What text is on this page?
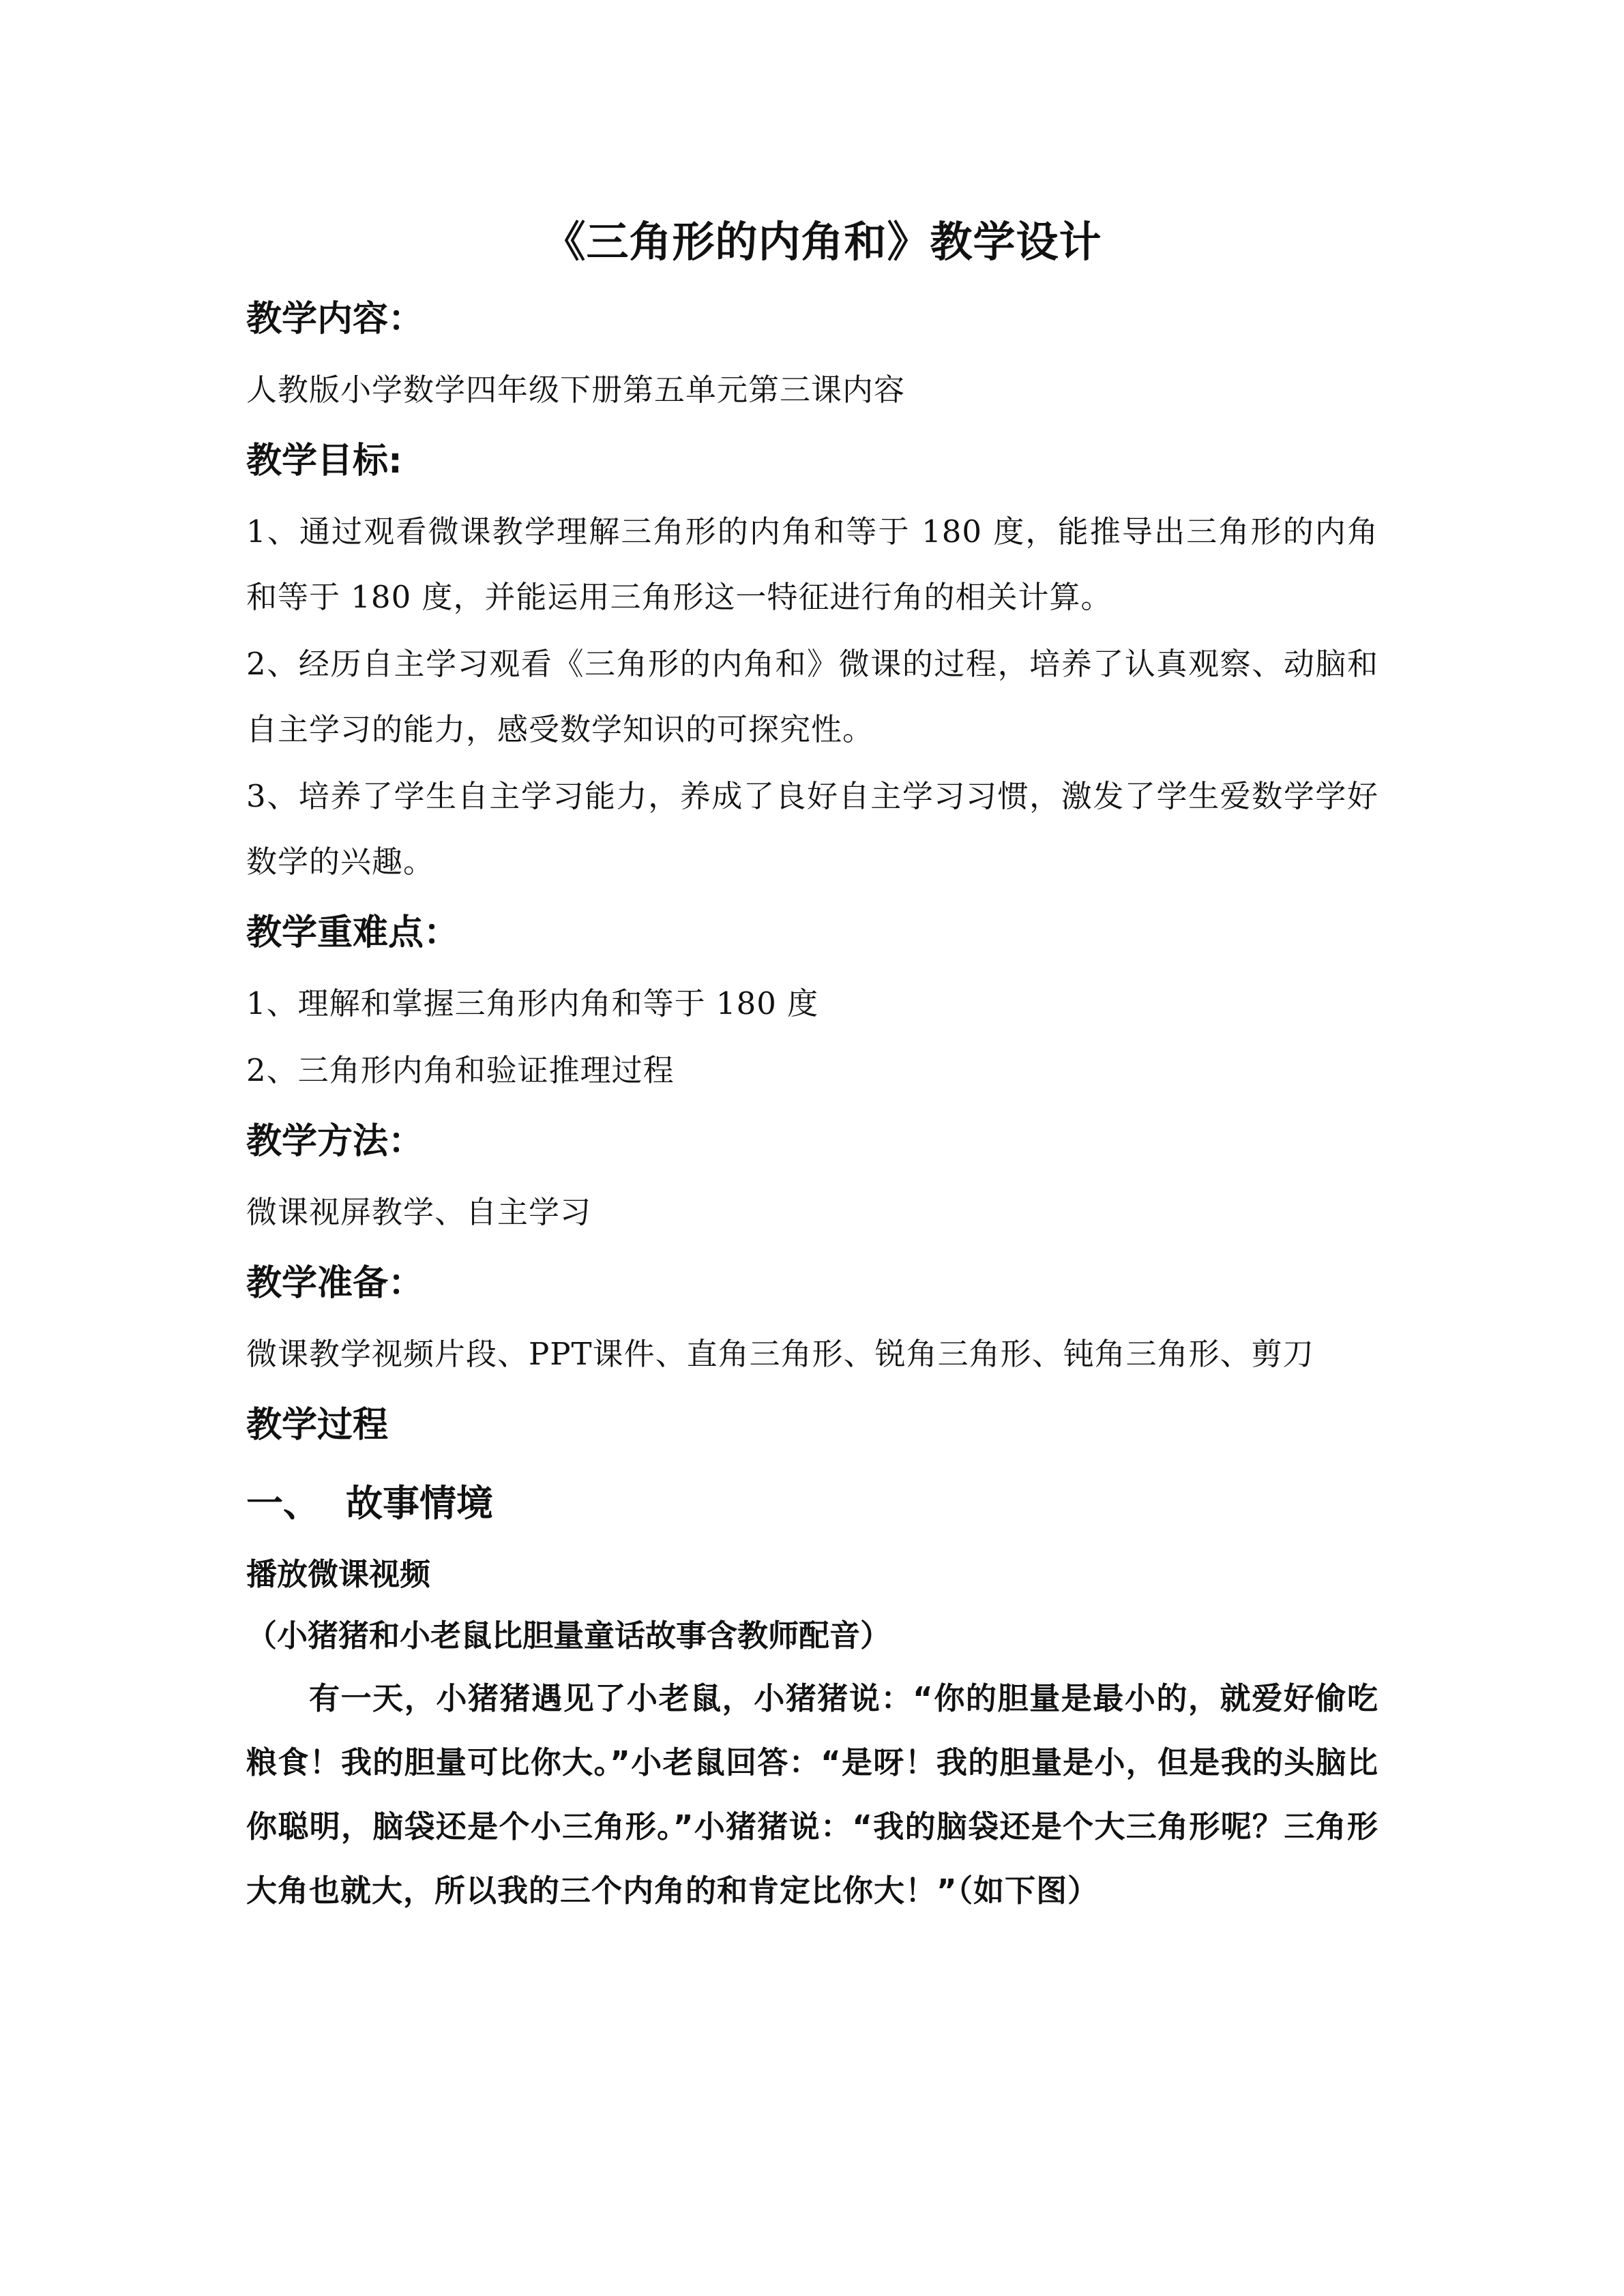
《三角形的内角和》教学设计
教学内容：
人教版小学数学四年级下册第五单元第三课内容
教学目标:
1、通过观看微课教学理解三角形的内角和等于 180 度，能推导出三角形的内角和等于 180 度，并能运用三角形这一特征进行角的相关计算。
2、经历自主学习观看《三角形的内角和》微课的过程，培养了认真观察、动脑和自主学习的能力，感受数学知识的可探究性。
3、培养了学生自主学习能力，养成了良好自主学习习惯，激发了学生爱数学学好数学的兴趣。
教学重难点：
1、理解和掌握三角形内角和等于 180 度
2、三角形内角和验证推理过程
教学方法：
微课视屏教学、自主学习
教学准备：
微课教学视频片段、PPT课件、直角三角形、锐角三角形、钝角三角形、剪刀
教学过程
一、 故事情境
播放微课视频
（小猪猪和小老鼠比胆量童话故事含教师配音）

有一天，小猪猪遇见了小老鼠，小猪猪说：“你的胆量是最小的，就爱好偷吃粮食！我的胆量可比你大。”小老鼠回答：“是呀！我的胆量是小，但是我的头脑比你聪明，脑袋还是个小三角形。”小猪猪说：“我的脑袋还是个大三角形呢？三角形大角也就大，所以我的三个内角的和肯定比你大！”（如下图）
